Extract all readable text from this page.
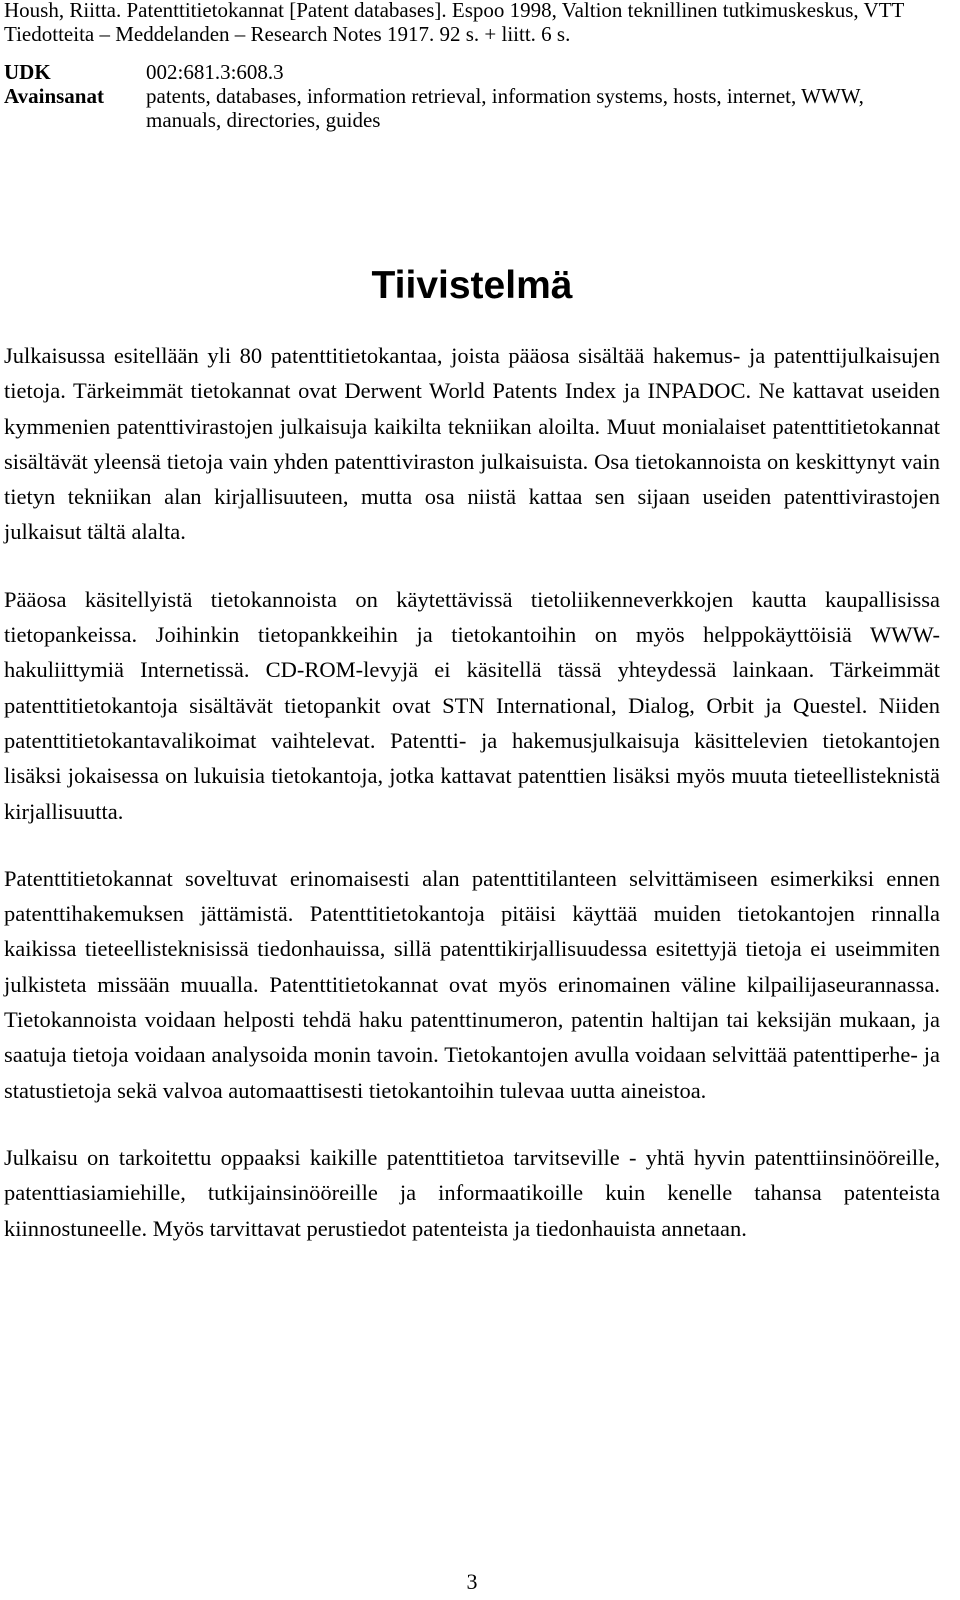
Housh, Riitta. Patenttitietokannat [Patent databases]. Espoo 1998, Valtion teknillinen tutkimuskeskus, VTT Tiedotteita – Meddelanden – Research Notes 1917. 92 s. + liitt. 6 s.

UDK	002:681.3:608.3
Avainsanat patents, databases, information retrieval, information systems, hosts, internet, WWW, manuals, directories, guides
Tiivistelmä

Julkaisussa esitellään yli 80 patenttitietokantaa, joista pääosa sisältää hakemus- ja patenttijulkaisujen tietoja. Tärkeimmät tietokannat ovat Derwent World Patents Index ja INPADOC. Ne kattavat useiden kymmenien patenttivirastojen julkaisuja kaikilta tekniikan aloilta. Muut monialaiset patenttitietokannat sisältävät yleensä tietoja vain yhden patenttiviraston julkaisuista. Osa tietokannoista on keskittynyt vain tietyn tekniikan alan kirjallisuuteen, mutta osa niistä kattaa sen sijaan useiden patenttivirastojen julkaisut tältä alalta.

Pääosa käsitellyistä tietokannoista on käytettävissä tietoliikenneverkkojen kautta kaupallisissa tietopankeissa. Joihinkin tietopankkeihin ja tietokantoihin on myös helppokäyttöisiä WWW-hakuliittymiä Internetissä. CD-ROM-levyjä ei käsitellä tässä yhteydessä lainkaan. Tärkeimmät patenttitietokantoja sisältävät tietopankit ovat STN International, Dialog, Orbit ja Questel. Niiden patenttitietokantavalikoimat vaihtelevat. Patentti- ja hakemusjulkaisuja käsittelevien tietokantojen lisäksi jokaisessa on lukuisia tietokantoja, jotka kattavat patenttien lisäksi myös muuta tieteellisteknistä kirjallisuutta.

Patenttitietokannat soveltuvat erinomaisesti alan patenttitilanteen selvittämiseen esimerkiksi ennen patenttihakemuksen jättämistä. Patenttitietokantoja pitäisi käyttää muiden tietokantojen rinnalla kaikissa tieteellisteknisissä tiedonhauissa, sillä patenttikirjallisuudessa esitettyjä tietoja ei useimmiten julkisteta missään muualla. Patenttitietokannat ovat myös erinomainen väline kilpailijaseurannassa. Tietokannoista voidaan helposti tehdä haku patenttinumeron, patentin haltijan tai keksijän mukaan, ja saatuja tietoja voidaan analysoida monin tavoin. Tietokantojen avulla voidaan selvittää patenttiperhe- ja statustietoja sekä valvoa automaattisesti tietokantoihin tulevaa uutta aineistoa.

Julkaisu on tarkoitettu oppaaksi kaikille patenttitietoa tarvitseville - yhtä hyvin patenttiinsinööreille, patenttiasiamiehille, tutkijainsinööreille ja informaatikoille kuin kenelle tahansa patenteista kiinnostuneelle. Myös tarvittavat perustiedot patenteista ja tiedonhauista annetaan.

3
